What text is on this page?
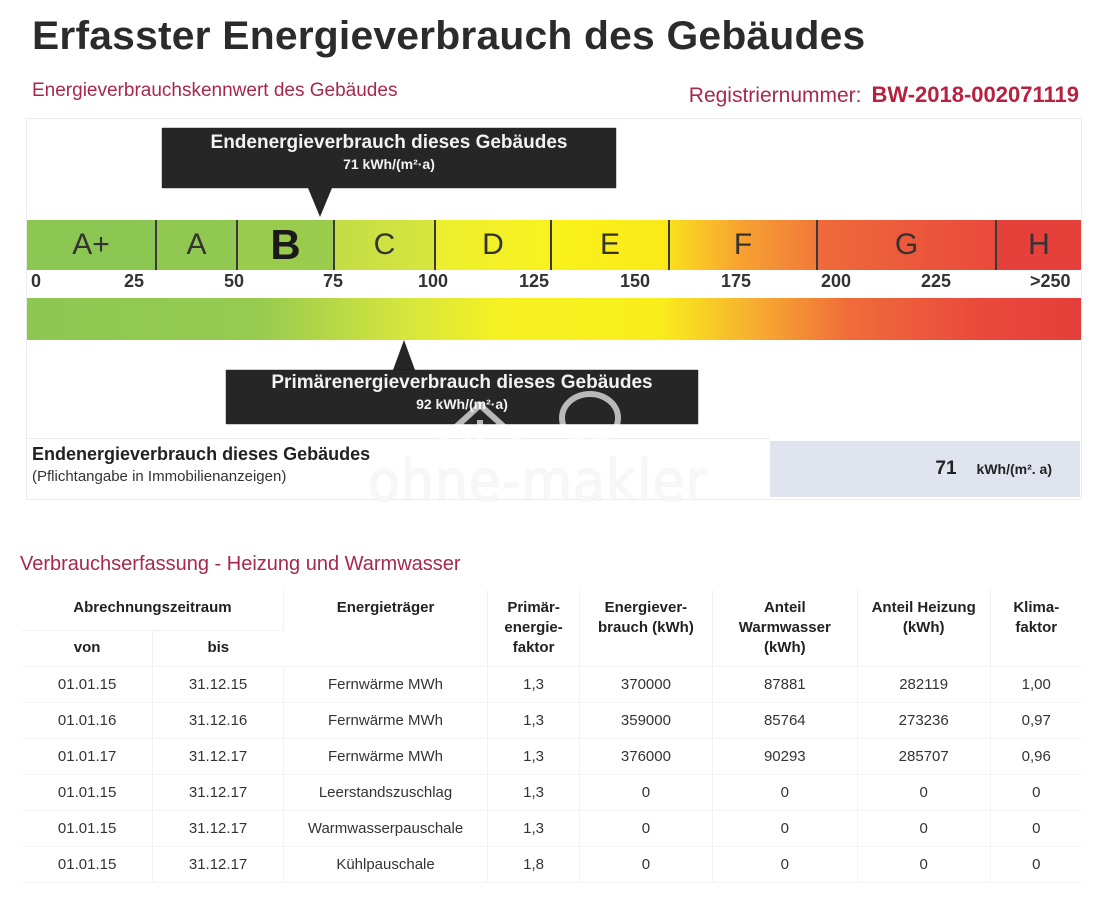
Erfasster Energieverbrauch des Gebäudes
Energieverbrauchskennwert des Gebäudes	Registriernummer: BW-2018-002071119
Endenergieverbrauch dieses Gebäudes
71 kWh/(m²·a)
A+	A	B	C	D	E	F	G	H
0	25	50	75	100	125	150	175	200	225	>250
Primärenergieverbrauch dieses Gebäudes
92 kWh/(m²·a)
Endenergieverbrauch dieses Gebäudes
(Pflichtangabe in Immobilienanzeigen)	71 kWh/(m². a)
ohne-makler
Verbrauchserfassung - Heizung und Warmwasser
Abrechnungszeitraum		Energieträger	Primär- energie- faktor	Energiever- brauch (kWh)	Anteil Warmwasser (kWh)	Anteil Heizung (kWh)	Klima- faktor
von	bis						
01.01.15	31.12.15	Fernwärme MWh	1,3	370000	87881	282119	1,00
01.01.16	31.12.16	Fernwärme MWh	1,3	359000	85764	273236	0,97
01.01.17	31.12.17	Fernwärme MWh	1,3	376000	90293	285707	0,96
01.01.15	31.12.17	Leerstandszuschlag	1,3	0	0	0	0
01.01.15	31.12.17	Warmwasserpauschale	1,3	0	0	0	0
01.01.15	31.12.17	Kühlpauschale	1,8	0	0	0	0
